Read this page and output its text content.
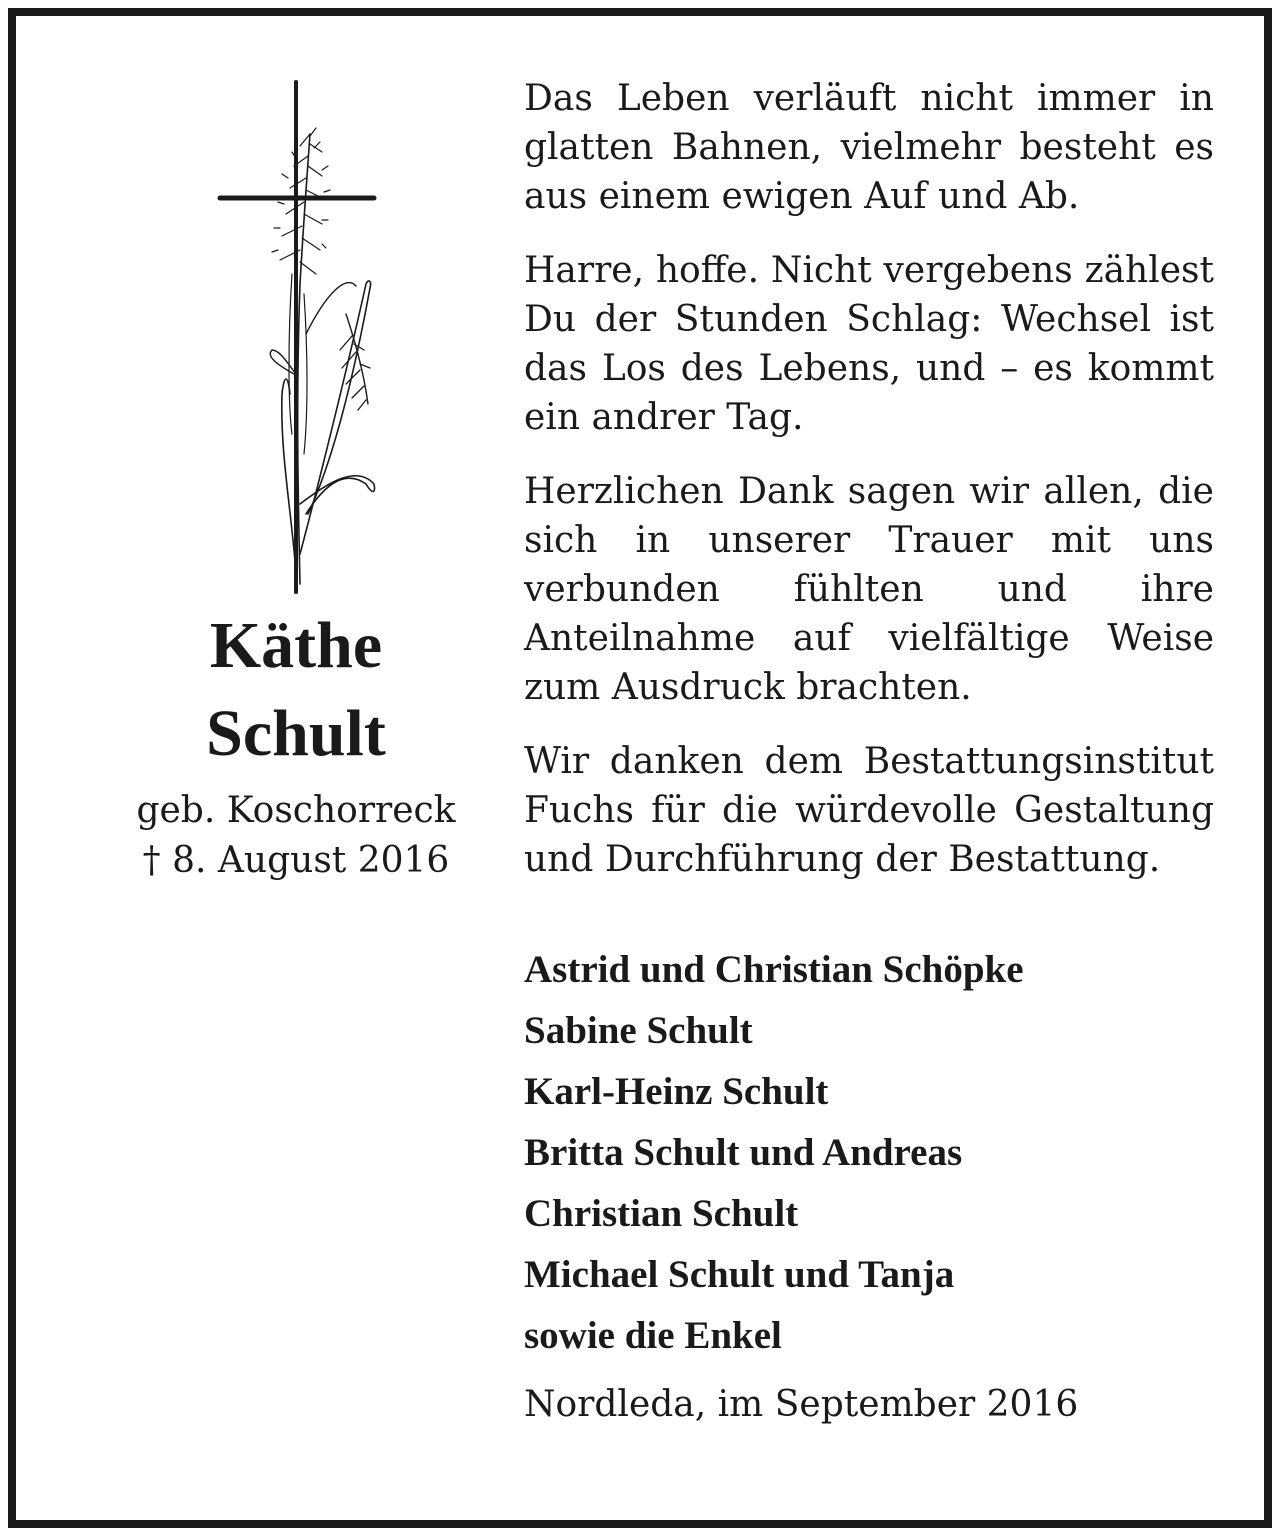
Käthe
Schult
geb. Koschorreck
† 8. August 2016

Das Leben verläuft nicht immer in glatten Bahnen, vielmehr besteht es aus einem ewigen Auf und Ab.

Harre, hoffe. Nicht vergebens zählest Du der Stunden Schlag: Wechsel ist das Los des Lebens, und – es kommt ein andrer Tag.

Herzlichen Dank sagen wir allen, die sich in unserer Trauer mit uns verbunden fühlten und ihre Anteilnahme auf vielfältige Weise zum Ausdruck brachten.

Wir danken dem Bestattungsinstitut Fuchs für die würdevolle Gestaltung und Durchführung der Bestattung.

Astrid und Christian Schöpke
Sabine Schult
Karl-Heinz Schult
Britta Schult und Andreas
Christian Schult
Michael Schult und Tanja
sowie die Enkel
Nordleda, im September 2016
